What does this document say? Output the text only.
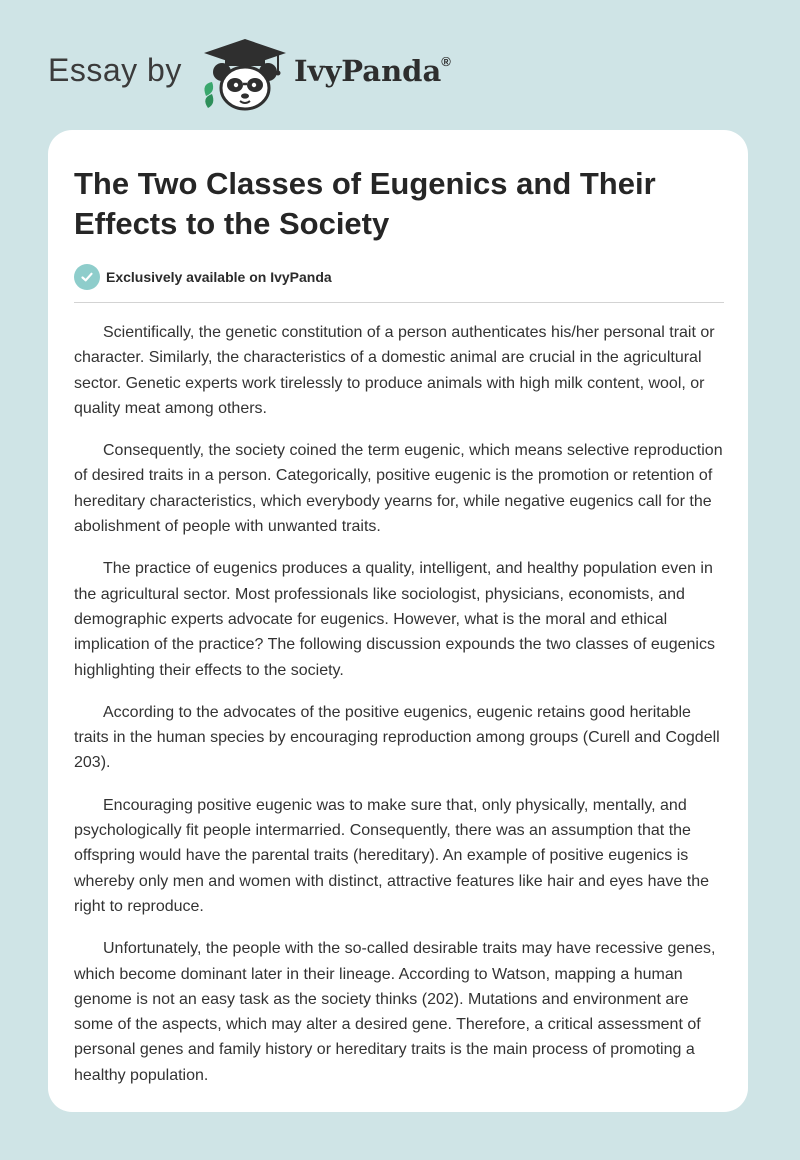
Essay by	IvyPanda®
The Two Classes of Eugenics and Their Effects to the Society
Exclusively available on IvyPanda

Scientifically, the genetic constitution of a person authenticates his/her personal trait or character. Similarly, the characteristics of a domestic animal are crucial in the agricultural sector. Genetic experts work tirelessly to produce animals with high milk content, wool, or quality meat among others.

Consequently, the society coined the term eugenic, which means selective reproduction of desired traits in a person. Categorically, positive eugenic is the promotion or retention of hereditary characteristics, which everybody yearns for, while negative eugenics call for the abolishment of people with unwanted traits.

The practice of eugenics produces a quality, intelligent, and healthy population even in the agricultural sector. Most professionals like sociologist, physicians, economists, and demographic experts advocate for eugenics. However, what is the moral and ethical implication of the practice? The following discussion expounds the two classes of eugenics highlighting their effects to the society.

According to the advocates of the positive eugenics, eugenic retains good heritable traits in the human species by encouraging reproduction among groups (Curell and Cogdell 203).

Encouraging positive eugenic was to make sure that, only physically, mentally, and psychologically fit people intermarried. Consequently, there was an assumption that the offspring would have the parental traits (hereditary). An example of positive eugenics is whereby only men and women with distinct, attractive features like hair and eyes have the right to reproduce.

Unfortunately, the people with the so-called desirable traits may have recessive genes, which become dominant later in their lineage. According to Watson, mapping a human genome is not an easy task as the society thinks (202). Mutations and environment are some of the aspects, which may alter a desired gene. Therefore, a critical assessment of personal genes and family history or hereditary traits is the main process of promoting a healthy population.
